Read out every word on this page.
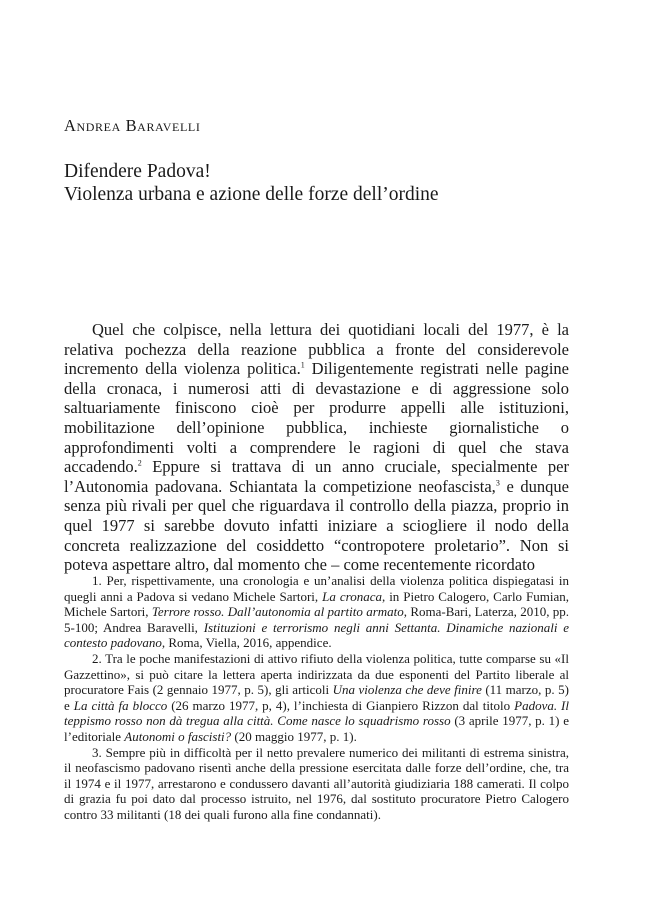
Andrea Baravelli
Difendere Padova!
Violenza urbana e azione delle forze dell’ordine

Quel che colpisce, nella lettura dei quotidiani locali del 1977, è la relativa pochezza della reazione pubblica a fronte del considerevole incremento della violenza politica.$^1$ Diligentemente registrati nelle pagine della cronaca, i numerosi atti di devastazione e di aggressione solo saltuariamente finiscono cioè per produrre appelli alle istituzioni, mobilitazione dell’opinione pubblica, inchieste giornalistiche o approfondimenti volti a comprendere le ragioni di quel che stava accadendo.$^2$ Eppure si trattava di un anno cruciale, specialmente per l’Autonomia padovana. Schiantata la competizione neofascista,$^3$ e dunque senza più rivali per quel che riguardava il controllo della piazza, proprio in quel 1977 si sarebbe dovuto infatti iniziare a sciogliere il nodo della concreta realizzazione del cosiddetto “contropotere proletario”. Non si poteva aspettare altro, dal momento che – come recentemente ricordato

1. Per, rispettivamente, una cronologia e un’analisi della violenza politica dispiegatasi in quegli anni a Padova si vedano Michele Sartori, La cronaca, in Pietro Calogero, Carlo Fumian, Michele Sartori, Terrore rosso. Dall’autonomia al partito armato, Roma-Bari, Laterza, 2010, pp. 5-100; Andrea Baravelli, Istituzioni e terrorismo negli anni Settanta. Dinamiche nazionali e contesto padovano, Roma, Viella, 2016, appendice.

2. Tra le poche manifestazioni di attivo rifiuto della violenza politica, tutte comparse su «Il Gazzettino», si può citare la lettera aperta indirizzata da due esponenti del Partito liberale al procuratore Fais (2 gennaio 1977, p. 5), gli articoli Una violenza che deve finire (11 marzo, p. 5) e La città fa blocco (26 marzo 1977, p, 4), l’inchiesta di Gianpiero Rizzon dal titolo Padova. Il teppismo rosso non dà tregua alla città. Come nasce lo squadrismo rosso (3 aprile 1977, p. 1) e l’editoriale Autonomi o fascisti? (20 maggio 1977, p. 1).

3. Sempre più in difficoltà per il netto prevalere numerico dei militanti di estrema sinistra, il neofascismo padovano risentì anche della pressione esercitata dalle forze dell’ordine, che, tra il 1974 e il 1977, arrestarono e condussero davanti all’autorità giudiziaria 188 camerati. Il colpo di grazia fu poi dato dal processo istruito, nel 1976, dal sostituto procuratore Pietro Calogero contro 33 militanti (18 dei quali furono alla fine condannati).
